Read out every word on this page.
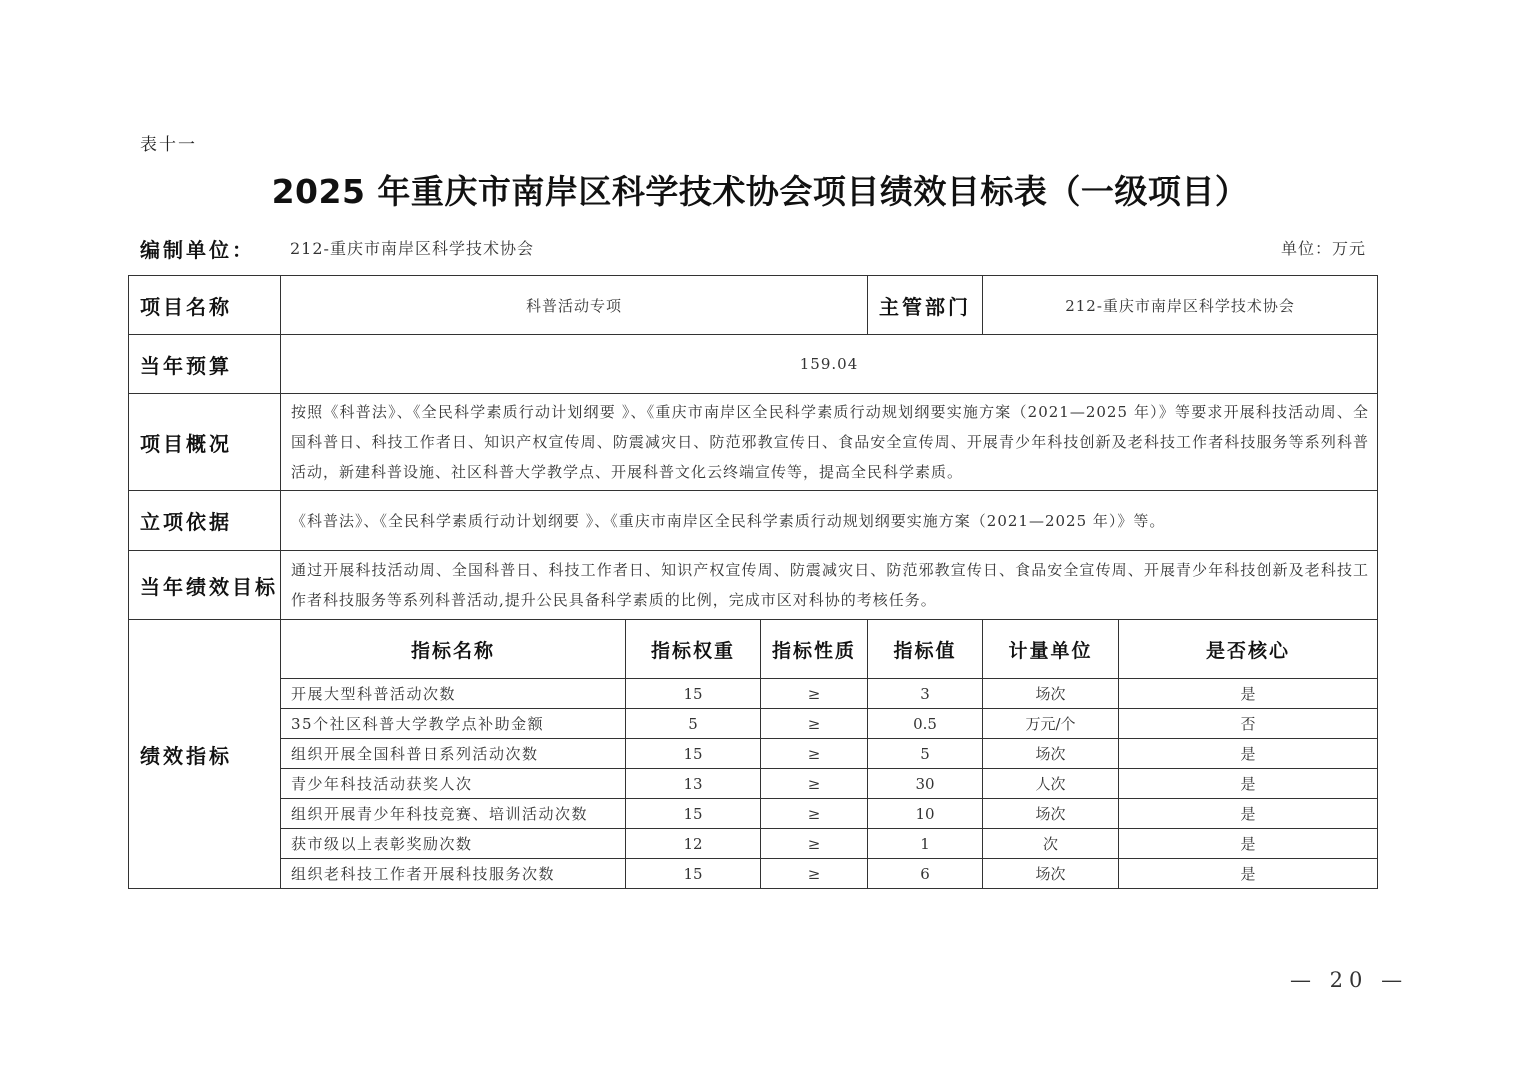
表十一
2025 年重庆市南岸区科学技术协会项目绩效目标表（一级项目）
编制单位： 212-重庆市南岸区科学技术协会	单位：万元
项目名称	科普活动专项			主管部门	212-重庆市南岸区科学技术协会	
当年预算	159.04					
项目概况	按照《科普法》、《全民科学素质行动计划纲要 》、《重庆市南岸区全民科学素质行动规划纲要实施方案（2021—2025 年）》等要求开展科技活动周、全国科普日、科技工作者日、知识产权宣传周、防震减灾日、防范邪教宣传日、食品安全宣传周、开展青少年科技创新及老科技工作者科技服务等系列科普活动，新建科普设施、社区科普大学教学点、开展科普文化云终端宣传等，提高全民科学素质。					
立项依据	《科普法》、《全民科学素质行动计划纲要 》、《重庆市南岸区全民科学素质行动规划纲要实施方案（2021—2025 年）》等。					
当年绩效目标	通过开展科技活动周、全国科普日、科技工作者日、知识产权宣传周、防震减灾日、防范邪教宣传日、食品安全宣传周、开展青少年科技创新及老科技工作者科技服务等系列科普活动,提升公民具备科学素质的比例，完成市区对科协的考核任务。					
绩效指标	指标名称	指标权重	指标性质	指标值	计量单位	是否核心
	开展大型科普活动次数	15	≥	3	场次	是
	35个社区科普大学教学点补助金额	5	≥	0.5	万元/个	否
	组织开展全国科普日系列活动次数	15	≥	5	场次	是
	青少年科技活动获奖人次	13	≥	30	人次	是
	组织开展青少年科技竞赛、培训活动次数	15	≥	10	场次	是
	获市级以上表彰奖励次数	12	≥	1	次	是
	组织老科技工作者开展科技服务次数	15	≥	6	场次	是
— 20 —
